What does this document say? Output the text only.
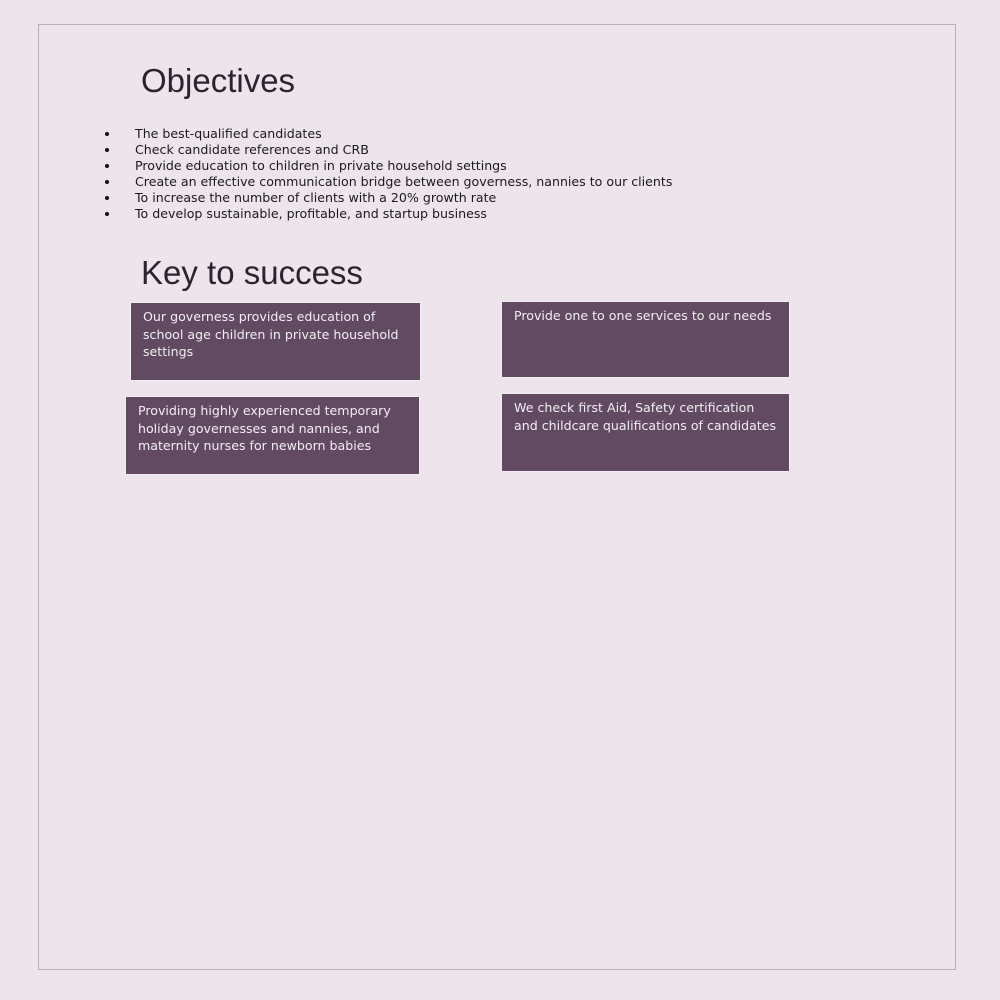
Objectives
The best-qualified candidates
Check candidate references and CRB
Provide education to children in private household settings
Create an effective communication bridge between governess, nannies to our clients
To increase the number of clients with a 20% growth rate
To develop sustainable, profitable, and startup business
Key to success
Our governess provides education of school age children in private household settings
Provide one to one services to our needs
Providing highly experienced temporary holiday governesses and nannies, and maternity nurses for newborn babies
We check first Aid, Safety certification and childcare qualifications of candidates
